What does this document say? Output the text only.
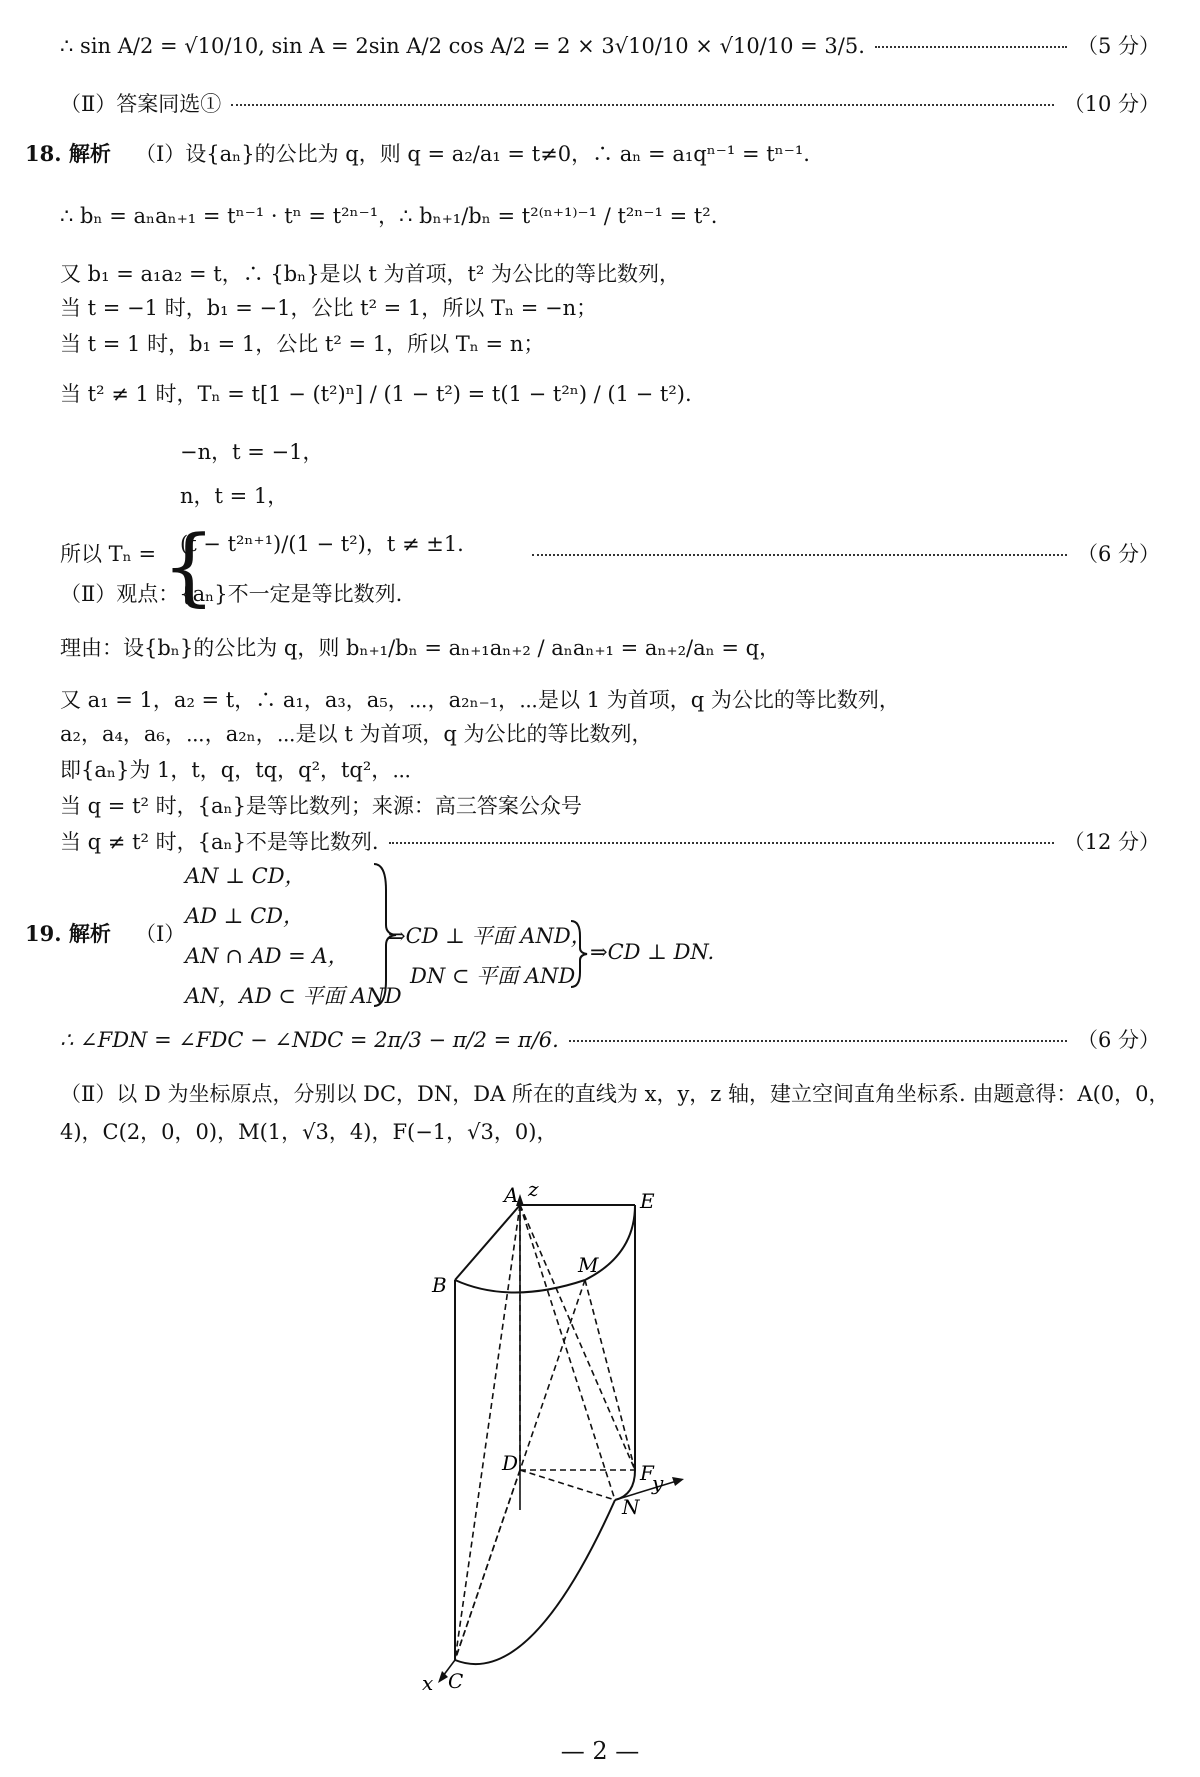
∴ sin A/2 = √10/10, sin A = 2sin A/2 cos A/2 = 2 × 3√10/10 × √10/10 = 3/5.	（5 分）
（Ⅱ）答案同选①	（10 分）
18. 解析 （Ⅰ）设{aₙ}的公比为 q，则 q = a₂/a₁ = t≠0，∴ aₙ = a₁qⁿ⁻¹ = tⁿ⁻¹.
∴ bₙ = aₙaₙ₊₁ = tⁿ⁻¹ · tⁿ = t²ⁿ⁻¹，∴ bₙ₊₁/bₙ = t²⁽ⁿ⁺¹⁾⁻¹ / t²ⁿ⁻¹ = t².
又 b₁ = a₁a₂ = t，∴ {bₙ}是以 t 为首项，t² 为公比的等比数列，
当 t = −1 时，b₁ = −1，公比 t² = 1，所以 Tₙ = −n；
当 t = 1 时，b₁ = 1，公比 t² = 1，所以 Tₙ = n；
当 t² ≠ 1 时，Tₙ = t[1 − (t²)ⁿ] / (1 − t²) = t(1 − t²ⁿ) / (1 − t²).
所以 Tₙ = {	（6 分）
−n，t = −1，
n，t = 1，
(t − t²ⁿ⁺¹)/(1 − t²)，t ≠ ±1.
（Ⅱ）观点：{aₙ}不一定是等比数列.
理由：设{bₙ}的公比为 q，则 bₙ₊₁/bₙ = aₙ₊₁aₙ₊₂ / aₙaₙ₊₁ = aₙ₊₂/aₙ = q，
又 a₁ = 1，a₂ = t，∴ a₁，a₃，a₅，⋯，a₂ₙ₋₁，⋯是以 1 为首项，q 为公比的等比数列，
a₂，a₄，a₆，⋯，a₂ₙ，⋯是以 t 为首项，q 为公比的等比数列，
即{aₙ}为 1，t，q，tq，q²，tq²，⋯
当 q = t² 时，{aₙ}是等比数列；来源：高三答案公众号
当 q ≠ t² 时，{aₙ}不是等比数列.	（12 分）
19. 解析 （Ⅰ）
AN ⊥ CD，
AD ⊥ CD，
AN ∩ AD = A，
AN，AD ⊂ 平面 AND
⇒CD ⊥ 平面 AND，
DN ⊂ 平面 AND
⇒CD ⊥ DN.
∴ ∠FDN = ∠FDC − ∠NDC = 2π/3 − π/2 = π/6.	（6 分）
（Ⅱ）以 D 为坐标原点，分别以 DC，DN，DA 所在的直线为 x，y，z 轴，建立空间直角坐标系. 由题意得：A(0，0，
4)，C(2，0，0)，M(1，√3，4)，F(−1，√3，0)，
z
A	E
B
M
D	F
N
x C
y
— 2 —
